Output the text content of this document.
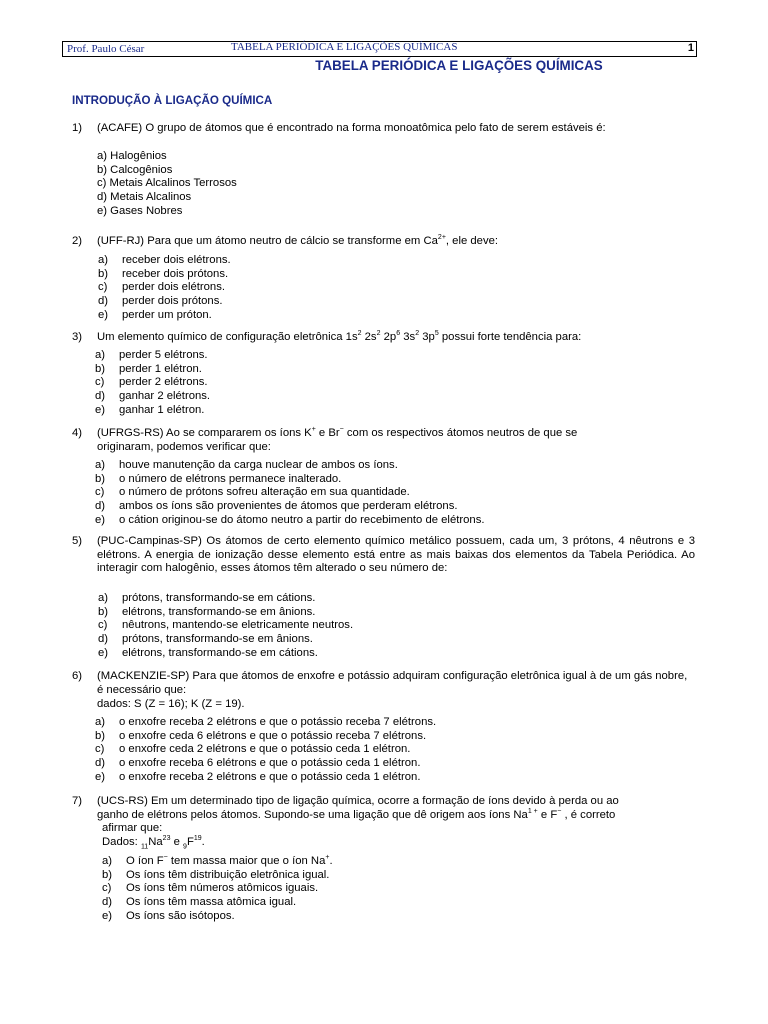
Prof. Paulo César	TABELA PERIÓDICA E LIGAÇÕES QUÍMICAS	1
TABELA PERIÓDICA E LIGAÇÕES QUÍMICAS
INTRODUÇÃO À LIGAÇÃO QUÍMICA
1) (ACAFE) O grupo de átomos que é encontrado na forma monoatômica pelo fato de serem estáveis é:
a) Halogênios
b) Calcogênios
c) Metais Alcalinos Terrosos
d) Metais Alcalinos
e) Gases Nobres
2) (UFF-RJ) Para que um átomo neutro de cálcio se transforme em $Ca^{2+}$, ele deve:
a) receber dois elétrons.
b) receber dois prótons.
c) perder dois elétrons.
d) perder dois prótons.
e) perder um próton.
3) Um elemento químico de configuração eletrônica $1s^2$ $2s^2$ $2p^6$ $3s^2$ $3p^5$ possui forte tendência para:
a) perder 5 elétrons.
b) perder 1 elétron.
c) perder 2 elétrons.
d) ganhar 2 elétrons.
e) ganhar 1 elétron.
4) (UFRGS-RS) Ao se compararem os íons K+ e Br− com os respectivos átomos neutros de que se
originaram, podemos verificar que:
a) houve manutenção da carga nuclear de ambos os íons.
b) o número de elétrons permanece inalterado.
c) o número de prótons sofreu alteração em sua quantidade.
d) ambos os íons são provenientes de átomos que perderam elétrons.
e) o cátion originou-se do átomo neutro a partir do recebimento de elétrons.
5)	(PUC-Campinas-SP) Os átomos de certo elemento químico metálico possuem, cada um, 3 prótons, 4 nêutrons e 3 elétrons. A energia de ionização desse elemento está entre as mais baixas dos elementos da Tabela Periódica. Ao interagir com halogênio, esses átomos têm alterado o seu número de:
a) prótons, transformando-se em cátions.
b) elétrons, transformando-se em ânions.
c) nêutrons, mantendo-se eletricamente neutros.
d) prótons, transformando-se em ânions.
e) elétrons, transformando-se em cátions.
6)	(MACKENZIE-SP) Para que átomos de enxofre e potássio adquiram configuração eletrônica igual à de um gás nobre, é necessário que:
dados: S (Z = 16); K (Z = 19).
a) o enxofre receba 2 elétrons e que o potássio receba 7 elétrons.
b) o enxofre ceda 6 elétrons e que o potássio receba 7 elétrons.
c) o enxofre ceda 2 elétrons e que o potássio ceda 1 elétron.
d) o enxofre receba 6 elétrons e que o potássio ceda 1 elétron.
e) o enxofre receba 2 elétrons e que o potássio ceda 1 elétron.
7) (UCS-RS) Em um determinado tipo de ligação química, ocorre a formação de íons devido à perda ou ao
ganho de elétrons pelos átomos. Supondo-se uma ligação que dê origem aos íons $Na^{1 +}$ e F− , é correto
afirmar que:
Dados: $_{11}Na^{23}$ e $_9F^{19}$.
a) O íon F− tem massa maior que o íon Na+.
b) Os íons têm distribuição eletrônica igual.
c) Os íons têm números atômicos iguais.
d) Os íons têm massa atômica igual.
e) Os íons são isótopos.
